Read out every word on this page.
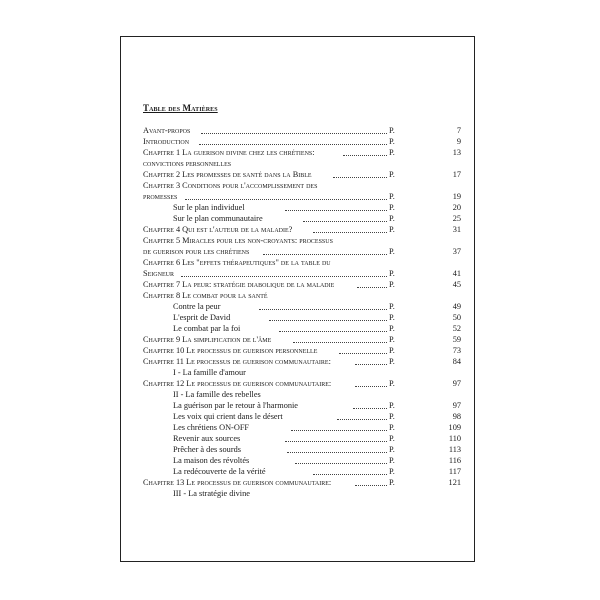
Table des Matières
Avant-propos	P.	7
Introduction	P.	9
Chapitre 1 La guerison divine chez les chrétiens:	P.	13
convictions personnelles
Chapitre 2 Les promesses de santé dans la Bible	P.	17
Chapitre 3 Conditions pour l'accomplissement des
promesses	P.	19
Sur le plan individuel	P.	20
Sur le plan communautaire	P.	25
Chapitre 4 Qui est l'auteur de la maladie?	P.	31
Chapitre 5 Miracles pour les non-croyants: processus
de guerison pour les chrétiens	P.	37
Chapitre 6 Les "effets thérapeutiques" de la table du
Seigneur	P.	41
Chapitre 7 La peur: stratégie diabolique de la maladie	P.	45
Chapitre 8 Le combat pour la santé
Contre la peur	P.	49
L'esprit de David	P.	50
Le combat par la foi	P.	52
Chapitre 9 La simplification de l'âme	P.	59
Chapitre 10 Le processus de guerison personnelle	P.	73
Chapitre 11 Le processus de guerison communautaire:	P.	84
I - La famille d'amour
Chapitre 12 Le processus de guerison communautaire:	P.	97
II - La famille des rebelles
La guérison par le retour à l'harmonie	P.	97
Les voix qui crient dans le désert	P.	98
Les chrétiens ON-OFF	P.	109
Revenir aux sources	P.	110
Prêcher à des sourds	P.	113
La maison des révoltés	P.	116
La redécouverte de la vérité	P.	117
Chapitre 13 Le processus de guerison communautaire:	P.	121
III - La stratégie divine
